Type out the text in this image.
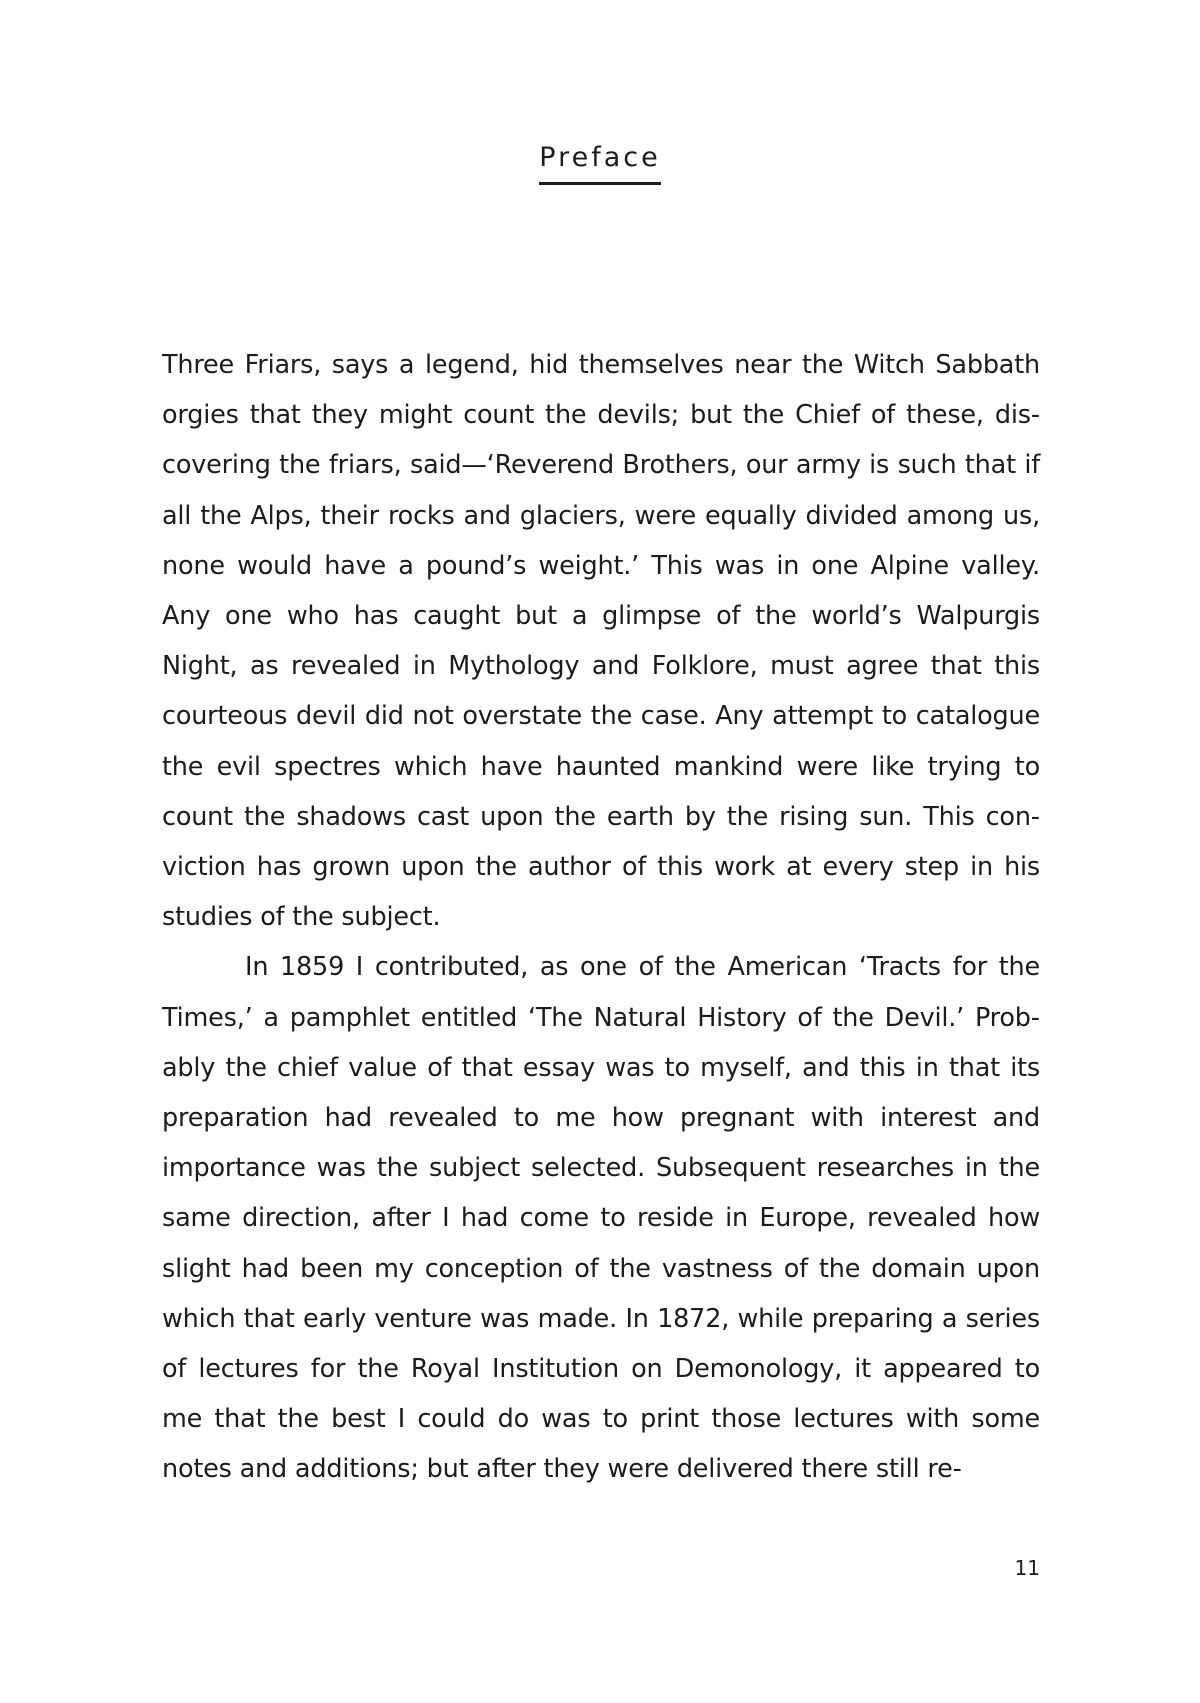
Preface

Three Friars, says a legend, hid themselves near the Witch Sabbath orgies that they might count the devils; but the Chief of these, discovering the friars, said—‘Reverend Brothers, our army is such that if all the Alps, their rocks and glaciers, were equally divided among us, none would have a pound’s weight.’ This was in one Alpine valley. Any one who has caught but a glimpse of the world’s Walpurgis Night, as revealed in Mythology and Folklore, must agree that this courteous devil did not overstate the case. Any attempt to catalogue the evil spectres which have haunted mankind were like trying to count the shadows cast upon the earth by the rising sun. This conviction has grown upon the author of this work at every step in his studies of the subject.

In 1859 I contributed, as one of the American ‘Tracts for the Times,’ a pamphlet entitled ‘The Natural History of the Devil.’ Probably the chief value of that essay was to myself, and this in that its preparation had revealed to me how pregnant with interest and importance was the subject selected. Subsequent researches in the same direction, after I had come to reside in Europe, revealed how slight had been my conception of the vastness of the domain upon which that early venture was made. In 1872, while preparing a series of lectures for the Royal Institution on Demonology, it appeared to me that the best I could do was to print those lectures with some notes and additions; but after they were delivered there still re-

11
